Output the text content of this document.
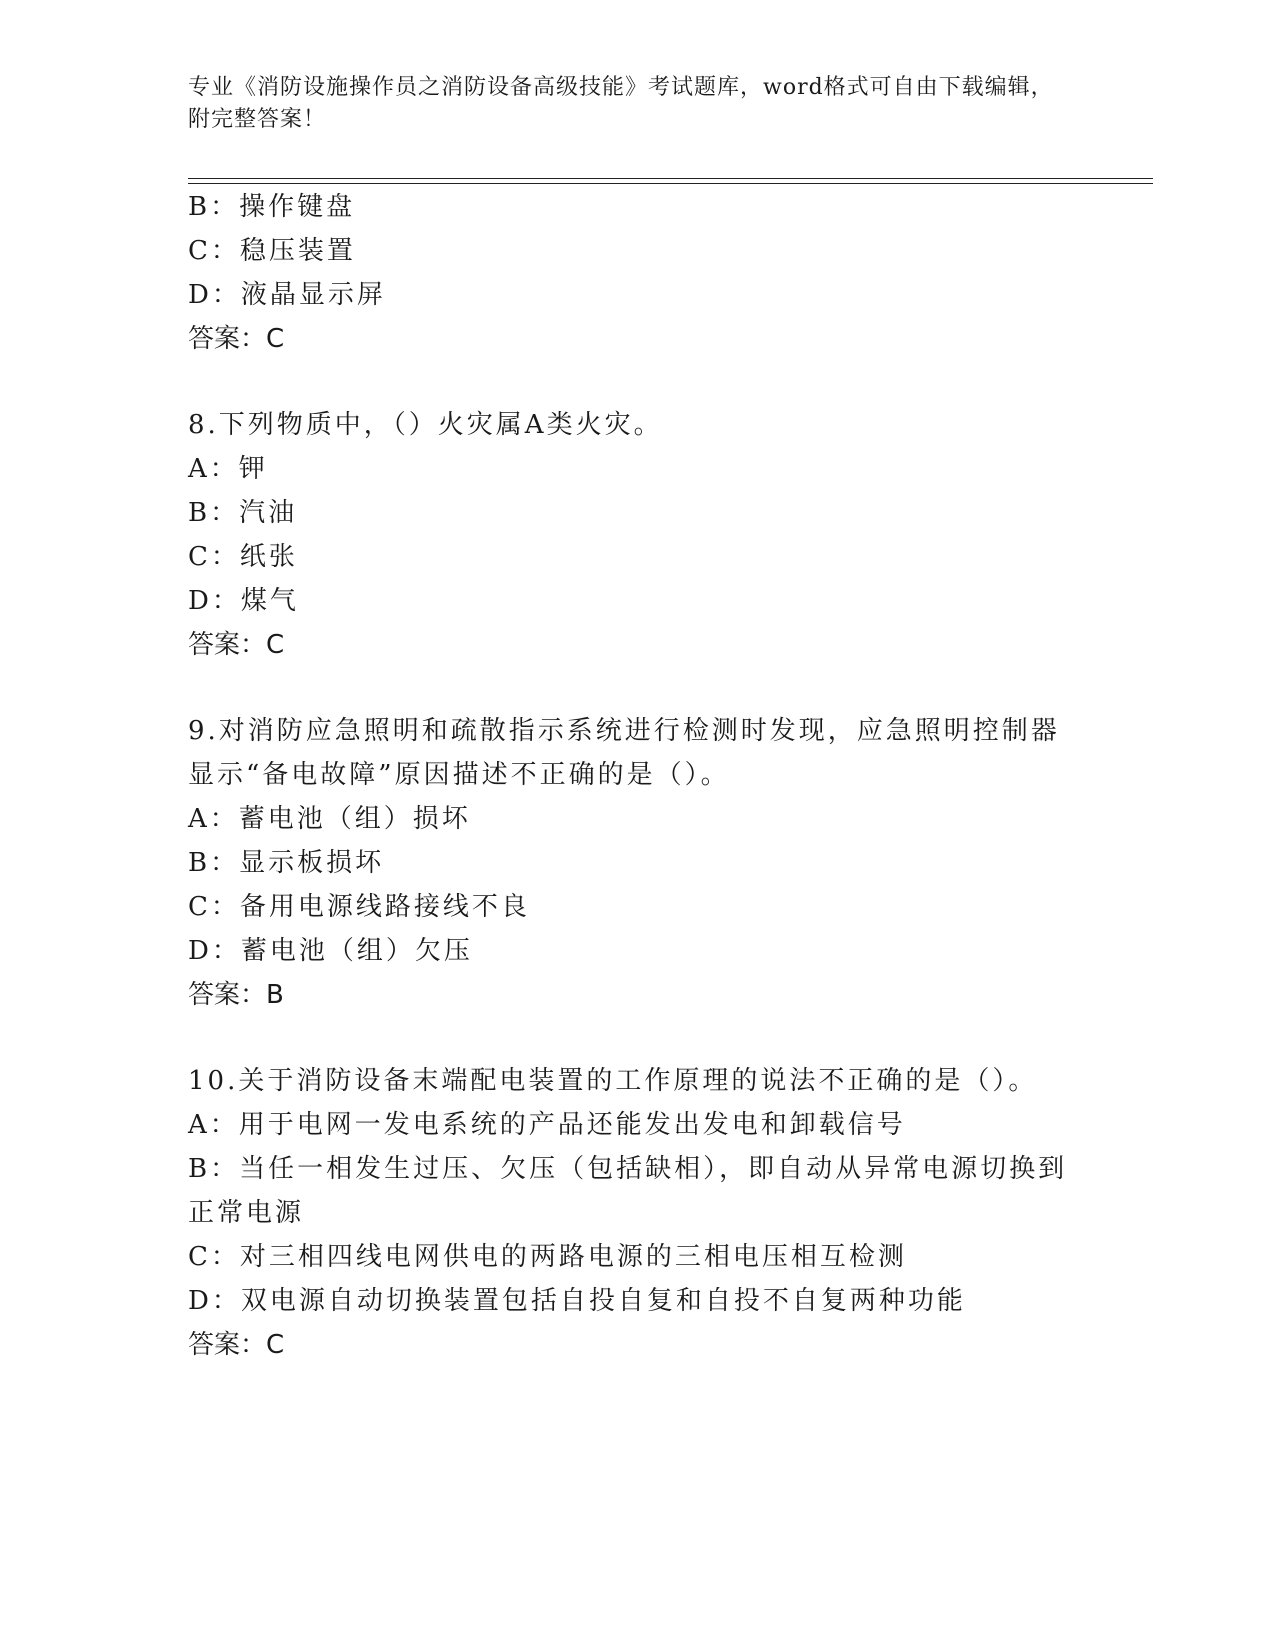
专业《消防设施操作员之消防设备高级技能》考试题库，word格式可自由下载编辑，附完整答案！
B：操作键盘
C：稳压装置
D：液晶显示屏
答案：C
8.下列物质中，（）火灾属A类火灾。
A：钾
B：汽油
C：纸张
D：煤气
答案：C
9.对消防应急照明和疏散指示系统进行检测时发现，应急照明控制器
显示“备电故障”原因描述不正确的是（）。
A：蓄电池（组）损坏
B：显示板损坏
C：备用电源线路接线不良
D：蓄电池（组）欠压
答案：B
10.关于消防设备末端配电装置的工作原理的说法不正确的是（）。
A：用于电网一发电系统的产品还能发出发电和卸载信号
B：当任一相发生过压、欠压（包括缺相），即自动从异常电源切换到
正常电源
C：对三相四线电网供电的两路电源的三相电压相互检测
D：双电源自动切换装置包括自投自复和自投不自复两种功能
答案：C
